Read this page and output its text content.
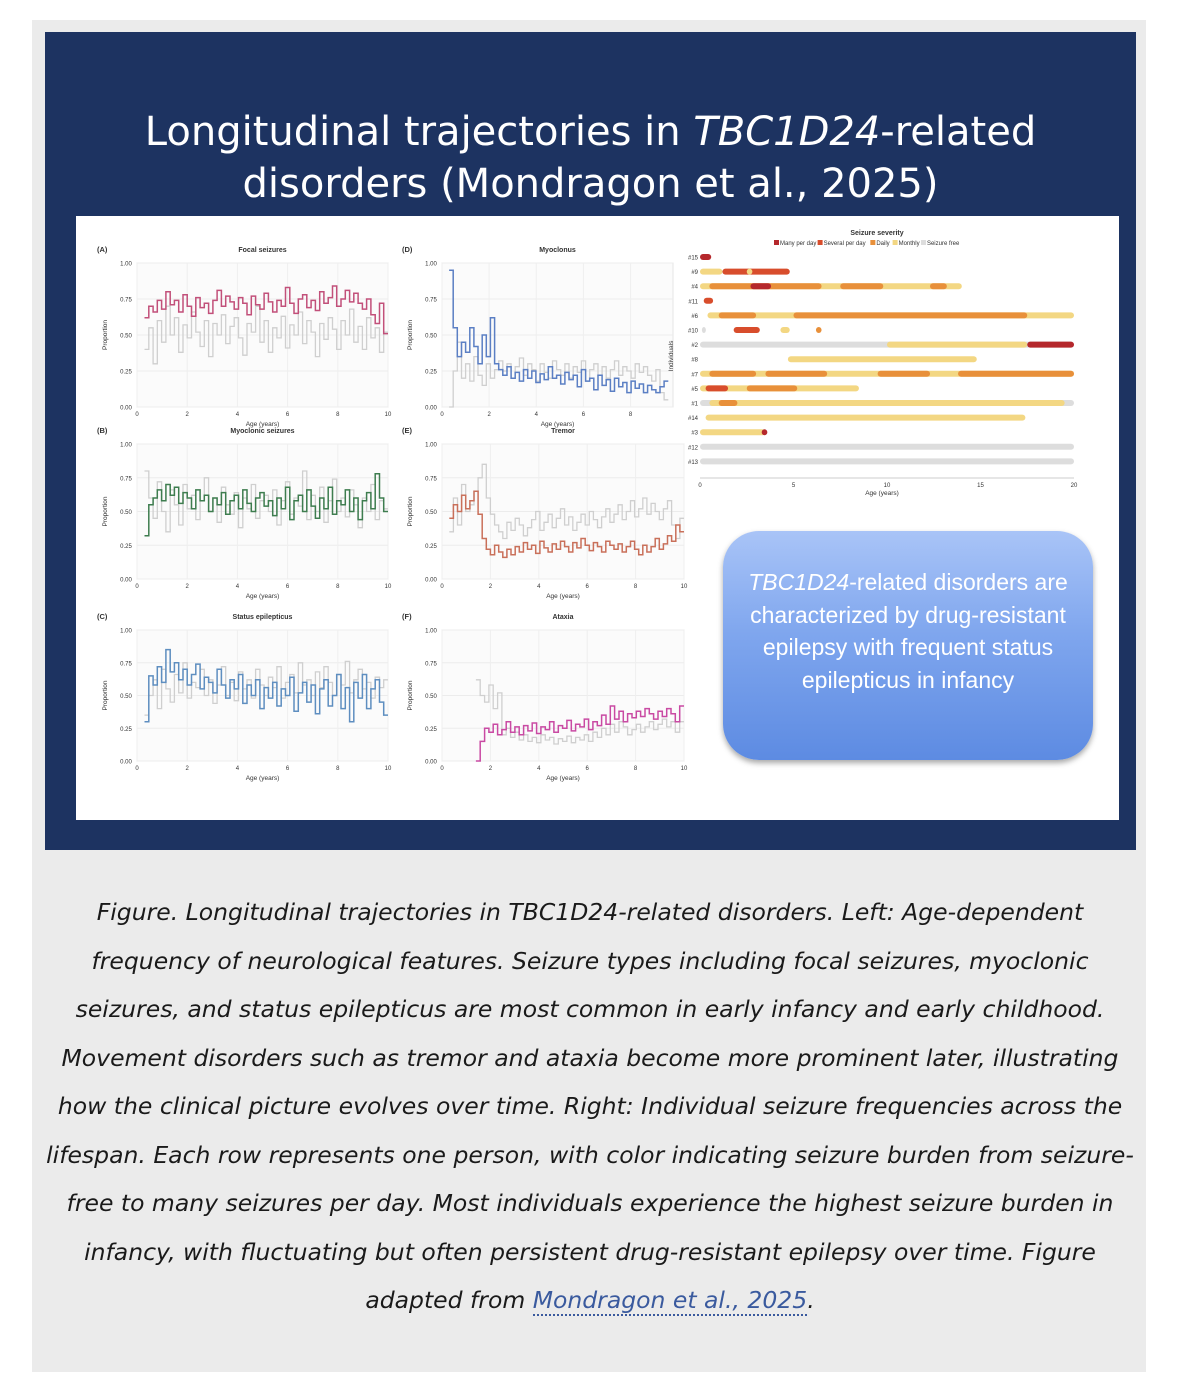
Longitudinal trajectories in TBC1D24-related
disorders (Mondragon et al., 2025)
0.00
0.25
0.50
0.75
1.00
0	2	4	6	8	10
(A)	Focal seizures
Age (years)
Proportion
0.00
0.25
0.50
0.75
1.00
0	2	4	6	8	10
(B)	Myoclonic seizures
Age (years)
Proportion
0.00
0.25
0.50
0.75
1.00
0	2	4	6	8	10
(C)	Status epilepticus
Age (years)
Proportion
0.00
0.25
0.50
0.75
1.00
0	2	4	6	8
(D)	Myoclonus
Age (years)
Proportion
0.00
0.25
0.50
0.75
1.00
0	2	4	6	8	10
(E)	Tremor
Age (years)
Proportion
0.00
0.25
0.50
0.75
1.00
0	2	4	6	8	10
(F)	Ataxia
Age (years)
Proportion
Seizure severity
Many per day Several per day Daily Monthly Seizure free
0	5	10	15	20
Age (years)
Individuals
#15
#9
#4
#11
#6
#10
#2
#8
#7
#5
#1
#14
#3
#12
#13
TBC1D24-related disorders are characterized by drug-resistant epilepsy with frequent status epilepticus in infancy
Figure. Longitudinal trajectories in TBC1D24-related disorders. Left: Age-dependent frequency of neurological features. Seizure types including focal seizures, myoclonic seizures, and status epilepticus are most common in early infancy and early childhood. Movement disorders such as tremor and ataxia become more prominent later, illustrating how the clinical picture evolves over time. Right: Individual seizure frequencies across the lifespan. Each row represents one person, with color indicating seizure burden from seizure-free to many seizures per day. Most individuals experience the highest seizure burden in infancy, with fluctuating but often persistent drug-resistant epilepsy over time. Figure adapted from Mondragon et al., 2025.
